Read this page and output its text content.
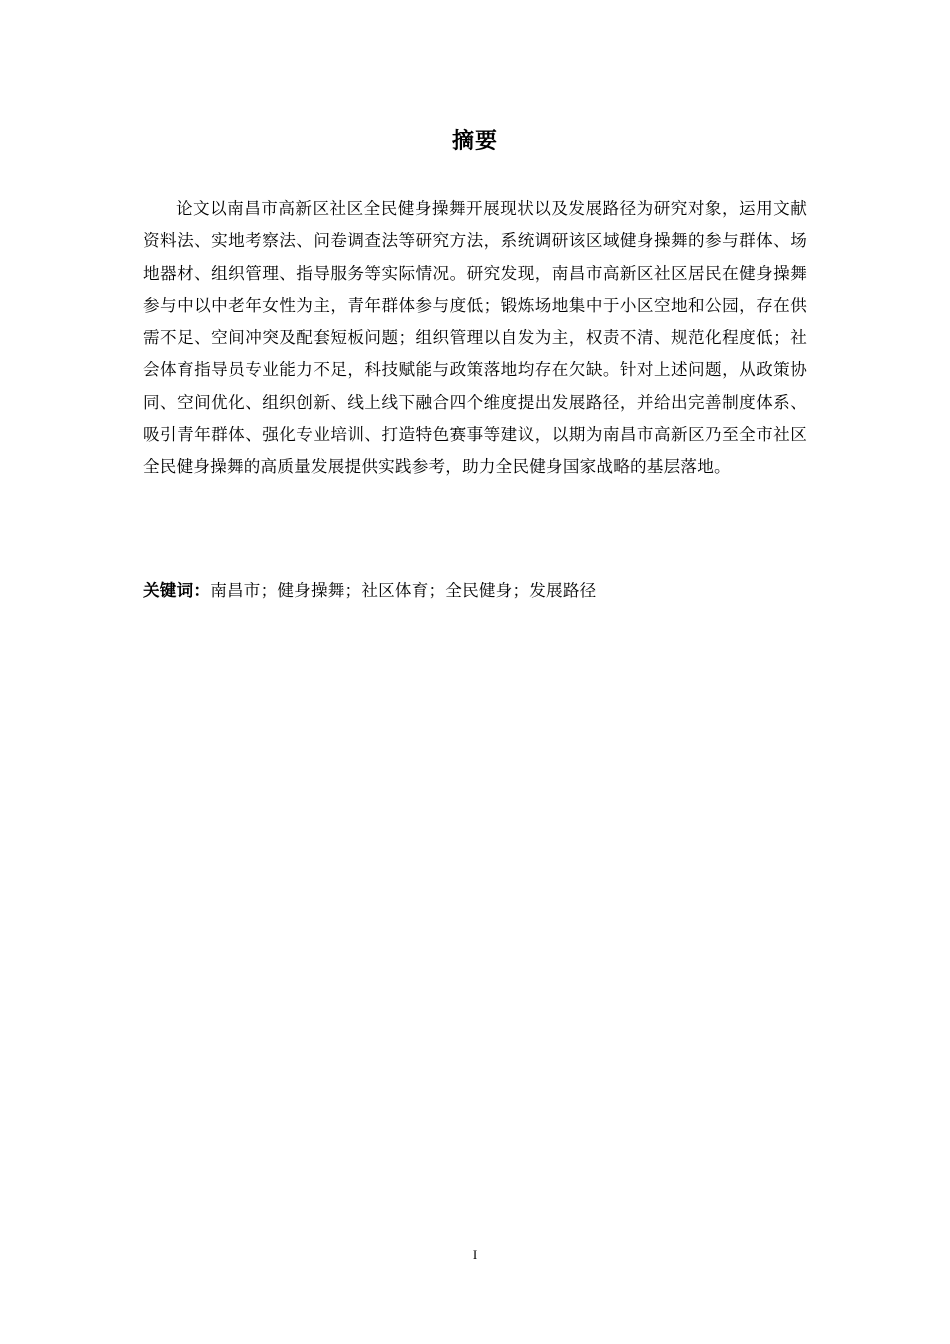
摘要

论文以南昌市高新区社区全民健身操舞开展现状以及发展路径为研究对象，运用文献资料法、实地考察法、问卷调查法等研究方法，系统调研该区域健身操舞的参与群体、场地器材、组织管理、指导服务等实际情况。研究发现，南昌市高新区社区居民在健身操舞参与中以中老年女性为主，青年群体参与度低；锻炼场地集中于小区空地和公园，存在供需不足、空间冲突及配套短板问题；组织管理以自发为主，权责不清、规范化程度低；社会体育指导员专业能力不足，科技赋能与政策落地均存在欠缺。针对上述问题，从政策协同、空间优化、组织创新、线上线下融合四个维度提出发展路径，并给出完善制度体系、吸引青年群体、强化专业培训、打造特色赛事等建议，以期为南昌市高新区乃至全市社区全民健身操舞的高质量发展提供实践参考，助力全民健身国家战略的基层落地。

关键词：南昌市；健身操舞；社区体育；全民健身；发展路径
I
